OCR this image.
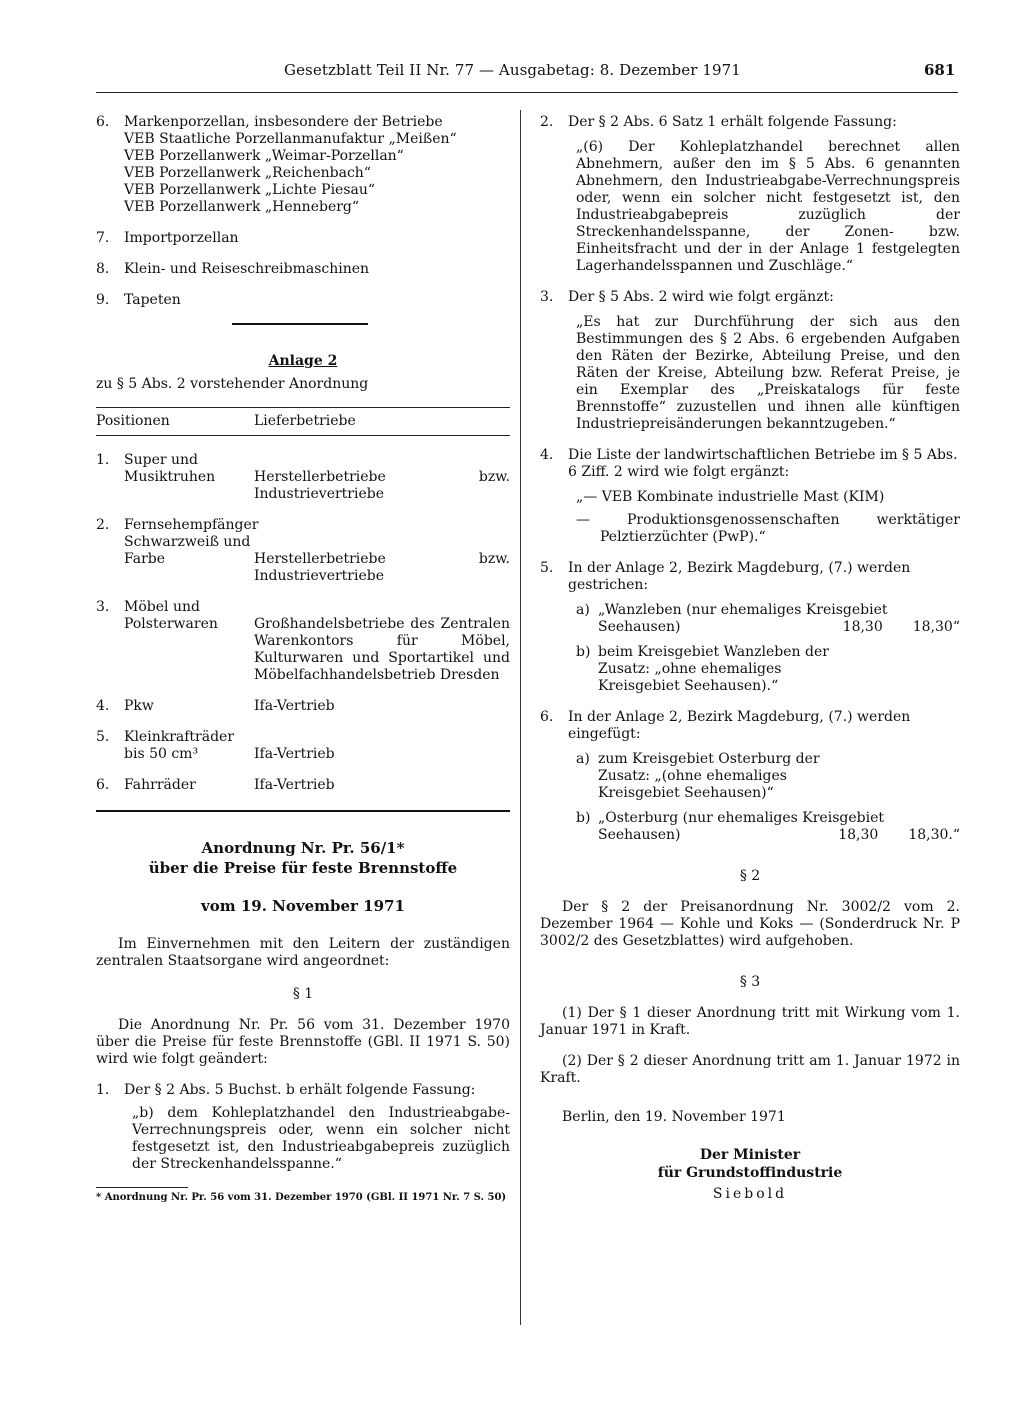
Gesetzblatt Teil II Nr. 77 — Ausgabetag: 8. Dezember 1971	681
6.	Markenporzellan, insbesondere der Betriebe
VEB Staatliche Porzellanmanufaktur „Meißen“
VEB Porzellanwerk „Weimar-Porzellan“
VEB Porzellanwerk „Reichenbach“
VEB Porzellanwerk „Lichte Piesau“
VEB Porzellanwerk „Henneberg“
7.	Importporzellan
8.	Klein- und Reiseschreibmaschinen
9.	Tapeten
Anlage 2
zu § 5 Abs. 2 vorstehender Anordnung
Positionen	Lieferbetriebe
1.	Super und Musiktruhen	Herstellerbetriebe bzw. Industrievertriebe
2.	Fernsehempfänger Schwarzweiß und Farbe	Herstellerbetriebe bzw. Industrievertriebe
3.	Möbel und Polsterwaren	Großhandelsbetriebe des Zentralen Warenkontors für Möbel, Kulturwaren und Sportartikel und Möbelfachhandelsbetrieb Dresden
4.	Pkw	Ifa-Vertrieb
5.	Kleinkrafträder bis 50 cm³	Ifa-Vertrieb
6.	Fahrräder	Ifa-Vertrieb
Anordnung Nr. Pr. 56/1*
über die Preise für feste Brennstoffe
vom 19. November 1971

Im Einvernehmen mit den Leitern der zuständigen zentralen Staatsorgane wird angeordnet:

§ 1

Die Anordnung Nr. Pr. 56 vom 31. Dezember 1970 über die Preise für feste Brennstoffe (GBl. II 1971 S. 50) wird wie folgt geändert:

1.	Der § 2 Abs. 5 Buchst. b erhält folgende Fassung:
„b) dem Kohleplatzhandel den Industrieabgabe-Verrechnungspreis oder, wenn ein solcher nicht festgesetzt ist, den Industrieabgabepreis zuzüglich der Streckenhandelsspanne.“
* Anordnung Nr. Pr. 56 vom 31. Dezember 1970 (GBl. II 1971 Nr. 7 S. 50)
2.	Der § 2 Abs. 6 Satz 1 erhält folgende Fassung:
„(6) Der Kohleplatzhandel berechnet allen Abnehmern, außer den im § 5 Abs. 6 genannten Abnehmern, den Industrieabgabe-Verrechnungspreis oder, wenn ein solcher nicht festgesetzt ist, den Industrieabgabepreis zuzüglich der Streckenhandelsspanne, der Zonen- bzw. Einheitsfracht und der in der Anlage 1 festgelegten Lagerhandelsspannen und Zuschläge.“
3.	Der § 5 Abs. 2 wird wie folgt ergänzt:
„Es hat zur Durchführung der sich aus den Bestimmungen des § 2 Abs. 6 ergebenden Aufgaben den Räten der Bezirke, Abteilung Preise, und den Räten der Kreise, Abteilung bzw. Referat Preise, je ein Exemplar des „Preiskatalogs für feste Brennstoffe“ zuzustellen und ihnen alle künftigen Industriepreisänderungen bekanntzugeben.“
4.	Die Liste der landwirtschaftlichen Betriebe im § 5 Abs. 6 Ziff. 2 wird wie folgt ergänzt:
„— VEB Kombinate industrielle Mast (KIM)
— Produktionsgenossenschaften werktätiger Pelztierzüchter (PwP).“
5.	In der Anlage 2, Bezirk Magdeburg, (7.) werden gestrichen:
a) „Wanzleben (nur ehemaliges Kreisgebiet Seehausen)	18,30 18,30“
b) beim Kreisgebiet Wanzleben der Zusatz: „ohne ehemaliges Kreisgebiet Seehausen).“
6.	In der Anlage 2, Bezirk Magdeburg, (7.) werden eingefügt:
a) zum Kreisgebiet Osterburg der Zusatz: „(ohne ehemaliges Kreisgebiet Seehausen)“
b) „Osterburg (nur ehemaliges Kreisgebiet Seehausen)	18,30 18,30.“
§ 2

Der § 2 der Preisanordnung Nr. 3002/2 vom 2. Dezember 1964 — Kohle und Koks — (Sonderdruck Nr. P 3002/2 des Gesetzblattes) wird aufgehoben.

§ 3

(1) Der § 1 dieser Anordnung tritt mit Wirkung vom 1. Januar 1971 in Kraft.

(2) Der § 2 dieser Anordnung tritt am 1. Januar 1972 in Kraft.

Berlin, den 19. November 1971

Der Minister
für Grundstoffindustrie
Siebold
